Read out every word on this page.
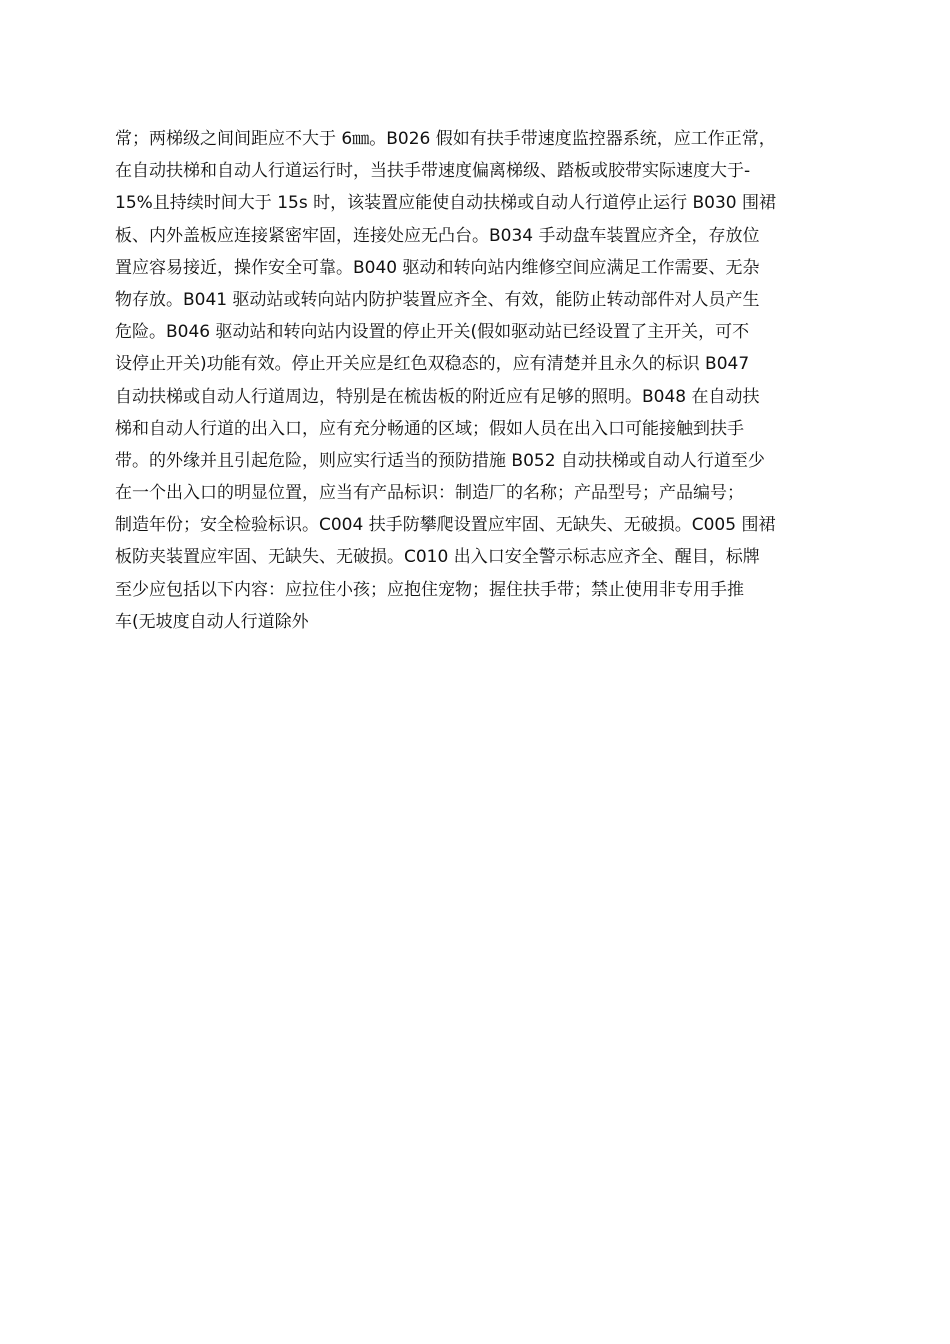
常；两梯级之间间距应不大于 6㎜。B026 假如有扶手带速度监控器系统，应工作正常，
在自动扶梯和自动人行道运行时，当扶手带速度偏离梯级、踏板或胶带实际速度大于-
15%且持续时间大于 15s 时，该装置应能使自动扶梯或自动人行道停止运行 B030 围裙
板、内外盖板应连接紧密牢固，连接处应无凸台。B034 手动盘车装置应齐全，存放位
置应容易接近，操作安全可靠。B040 驱动和转向站内维修空间应满足工作需要、无杂
物存放。B041 驱动站或转向站内防护装置应齐全、有效，能防止转动部件对人员产生
危险。B046 驱动站和转向站内设置的停止开关(假如驱动站已经设置了主开关，可不
设停止开关)功能有效。停止开关应是红色双稳态的，应有清楚并且永久的标识 B047
自动扶梯或自动人行道周边，特别是在梳齿板的附近应有足够的照明。B048 在自动扶
梯和自动人行道的出入口，应有充分畅通的区域；假如人员在出入口可能接触到扶手
带。的外缘并且引起危险，则应实行适当的预防措施 B052 自动扶梯或自动人行道至少
在一个出入口的明显位置，应当有产品标识：制造厂的名称；产品型号；产品编号；
制造年份；安全检验标识。C004 扶手防攀爬设置应牢固、无缺失、无破损。C005 围裙
板防夹装置应牢固、无缺失、无破损。C010 出入口安全警示标志应齐全、醒目，标牌
至少应包括以下内容：应拉住小孩；应抱住宠物；握住扶手带；禁止使用非专用手推
车(无坡度自动人行道除外
